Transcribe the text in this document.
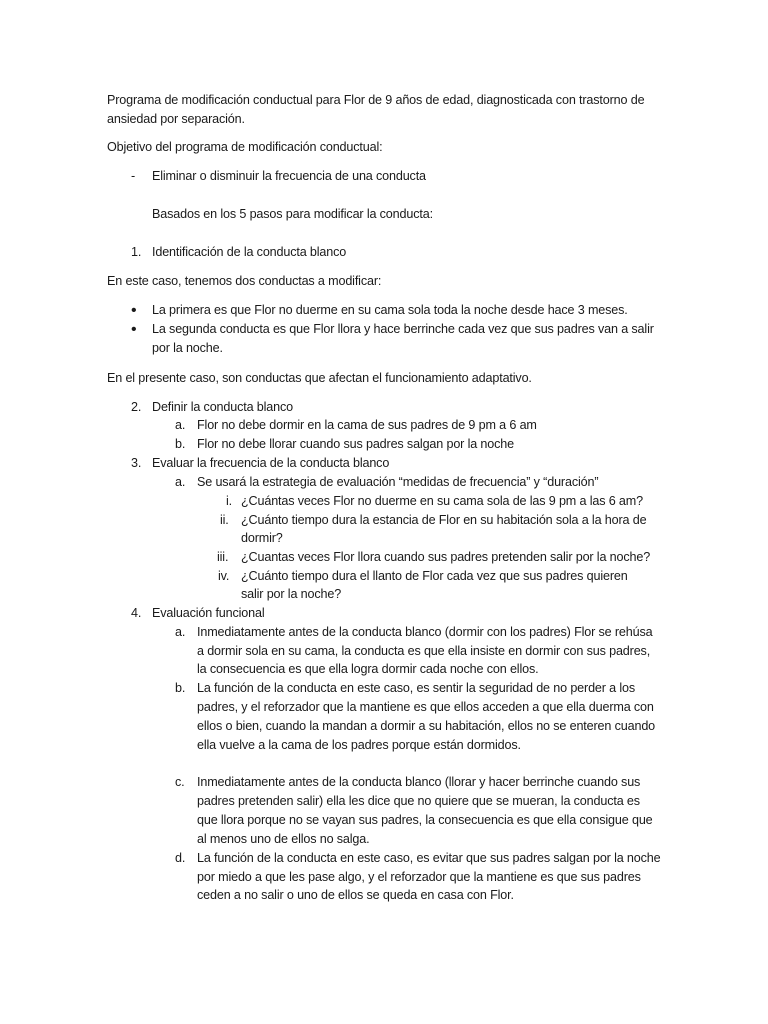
Programa de modificación conductual para Flor de 9 años de edad, diagnosticada con trastorno de
ansiedad por separación.
Objetivo del programa de modificación conductual:
- Eliminar o disminuir la frecuencia de una conducta
Basados en los 5 pasos para modificar la conducta:
1. Identificación de la conducta blanco
En este caso, tenemos dos conductas a modificar:
• La primera es que Flor no duerme en su cama sola toda la noche desde hace 3 meses.
• La segunda conducta es que Flor llora y hace berrinche cada vez que sus padres van a salir
por la noche.
En el presente caso, son conductas que afectan el funcionamiento adaptativo.
2. Definir la conducta blanco
a. Flor no debe dormir en la cama de sus padres de 9 pm a 6 am
b. Flor no debe llorar cuando sus padres salgan por la noche
3. Evaluar la frecuencia de la conducta blanco
a. Se usará la estrategia de evaluación “medidas de frecuencia” y “duración”
i. ¿Cuántas veces Flor no duerme en su cama sola de las 9 pm a las 6 am?
ii. ¿Cuánto tiempo dura la estancia de Flor en su habitación sola a la hora de
dormir?
iii. ¿Cuantas veces Flor llora cuando sus padres pretenden salir por la noche?
iv. ¿Cuánto tiempo dura el llanto de Flor cada vez que sus padres quieren
salir por la noche?
4. Evaluación funcional
a. Inmediatamente antes de la conducta blanco (dormir con los padres) Flor se rehúsa
a dormir sola en su cama, la conducta es que ella insiste en dormir con sus padres,
la consecuencia es que ella logra dormir cada noche con ellos.
b. La función de la conducta en este caso, es sentir la seguridad de no perder a los
padres, y el reforzador que la mantiene es que ellos acceden a que ella duerma con
ellos o bien, cuando la mandan a dormir a su habitación, ellos no se enteren cuando
ella vuelve a la cama de los padres porque están dormidos.
c. Inmediatamente antes de la conducta blanco (llorar y hacer berrinche cuando sus
padres pretenden salir) ella les dice que no quiere que se mueran, la conducta es
que llora porque no se vayan sus padres, la consecuencia es que ella consigue que
al menos uno de ellos no salga.
d. La función de la conducta en este caso, es evitar que sus padres salgan por la noche
por miedo a que les pase algo, y el reforzador que la mantiene es que sus padres
ceden a no salir o uno de ellos se queda en casa con Flor.
